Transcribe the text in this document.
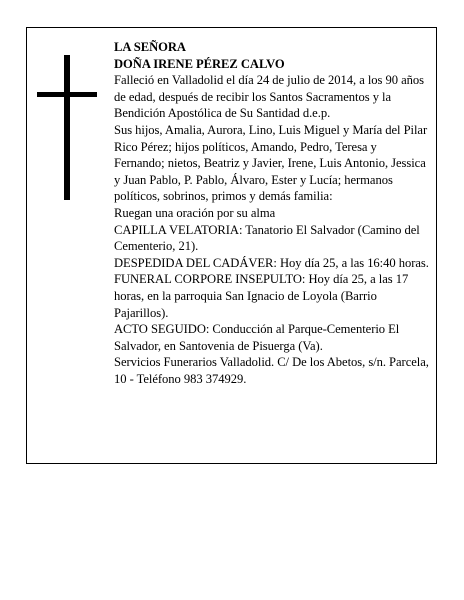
LA SEÑORA

DOÑA IRENE PÉREZ CALVO

Falleció en Valladolid el día 24 de julio de 2014, a los 90 años de edad, después de recibir los Santos Sacramentos y la Bendición Apostólica de Su Santidad d.e.p.

Sus hijos, Amalia, Aurora, Lino, Luis Miguel y María del Pilar Rico Pérez; hijos políticos, Amando, Pedro, Teresa y Fernando; nietos, Beatriz y Javier, Irene, Luis Antonio, Jessica y Juan Pablo, P. Pablo, Álvaro, Ester y Lucía; hermanos políticos, sobrinos, primos y demás familia:

Ruegan una oración por su alma

CAPILLA VELATORIA: Tanatorio El Salvador (Camino del Cementerio, 21).

DESPEDIDA DEL CADÁVER: Hoy día 25, a las 16:40 horas.

FUNERAL CORPORE INSEPULTO: Hoy día 25, a las 17 horas, en la parroquia San Ignacio de Loyola (Barrio Pajarillos).

ACTO SEGUIDO: Conducción al Parque-Cementerio El Salvador, en Santovenia de Pisuerga (Va).

Servicios Funerarios Valladolid. C/ De los Abetos, s/n. Parcela, 10 - Teléfono 983 374929.
